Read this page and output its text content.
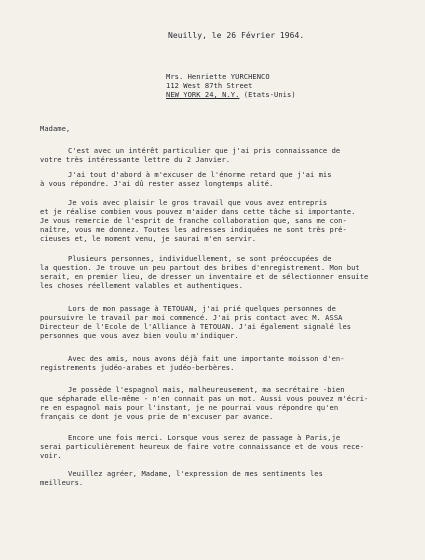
Neuilly, le 26 Février 1964.
Mrs. Henriette YURCHENCO
112 West 87th Street
NEW YORK 24, N.Y. (Etats-Unis)
Madame,
C'est avec un intérêt particulier que j'ai pris connaissance de
votre très intéressante lettre du 2 Janvier.
J'ai tout d'abord à m'excuser de l'énorme retard que j'ai mis
à vous répondre. J'ai dû rester assez longtemps alité.
Je vois avec plaisir le gros travail que vous avez entrepris
et je réalise combien vous pouvez m'aider dans cette tâche si importante.
Je vous remercie de l'esprit de franche collaboration que, sans me con-
naître, vous me donnez. Toutes les adresses indiquées ne sont très pré-
cieuses et, le moment venu, je saurai m'en servir.
Plusieurs personnes, individuellement, se sont préoccupées de
la question. Je trouve un peu partout des bribes d'enregistrement. Mon but
serait, en premier lieu, de dresser un inventaire et de sélectionner ensuite
les choses réellement valables et authentiques.
Lors de mon passage à TETOUAN, j'ai prié quelques personnes de
poursuivre le travail par moi commencé. J'ai pris contact avec M. ASSA
Directeur de l'Ecole de l'Alliance à TETOUAN. J'ai également signalé les
personnes que vous avez bien voulu m'indiquer.
Avec des amis, nous avons déjà fait une importante moisson d'en-
registrements judéo-arabes et judéo-berbères.
Je possède l'espagnol mais, malheureusement, ma secrétaire -bien
que sépharade elle-même - n'en connait pas un mot. Aussi vous pouvez m'écri-
re en espagnol mais pour l'instant, je ne pourrai vous répondre qu'en
français ce dont je vous prie de m'excuser par avance.
Encore une fois merci. Lorsque vous serez de passage à Paris,je
serai particulièrement heureux de faire votre connaissance et de vous rece-
voir.
Veuillez agréer, Madame, l'expression de mes sentiments les
meilleurs.
